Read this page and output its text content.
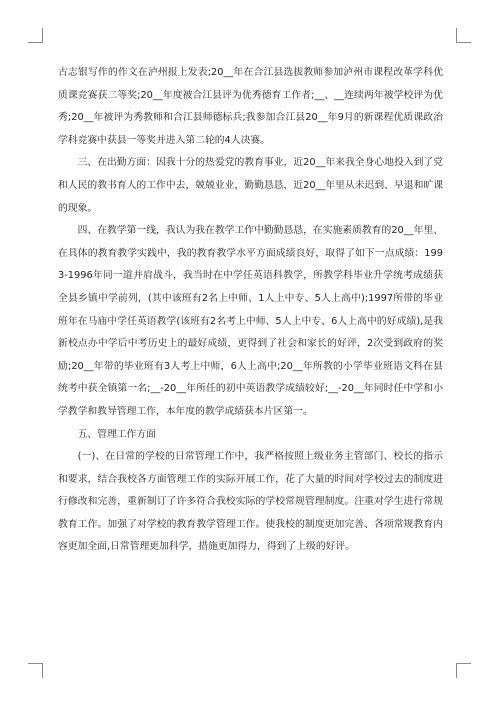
古志银写作的作文在泸州报上发表;20__年在合江县选拔教师参加泸州市课程改革学科优质课竞赛获二等奖;20__年度被合江县评为优秀德育工作者;__、__连续两年被学校评为优秀;20__年被评为秀教师和合江县师德标兵;我参加合江县20__年9月的新课程优质课政治学科竞赛中获县一等奖并进入第二轮的4人决赛。

三、在出勤方面：因我十分的热爱党的教育事业，近20__年来我全身心地投入到了党和人民的教书育人的工作中去，兢兢业业，勤勤恳恳，近20__年里从未迟到、早退和旷课的现象。

四、在教学第一线，我认为我在教学工作中勤勤恳恳，在实施素质教育的20__年里、在具体的教育教学实践中，我的教育教学水平方面成绩良好，取得了如下一点成绩：1993-1996年同一道并肩战斗，我当时在中学任英语科教学，所教学科毕业升学统考成绩获全县乡镇中学前列，(其中该班有2名上中师、1人上中专、5人上高中);1997所带的毕业班年在马庙中学任英语教学(该班有2名考上中师、5人上中专、6人上高中的好成绩),是我新校点办中学后中考历史上的最好成绩，更得到了社会和家长的好评，2次受到政府的奖励;20__年带的毕业班有3人考上中师，6人上高中;20__年所教的小学毕业班语文科在县统考中获全镇第一名;__-20__年所任的初中英语教学成绩较好;__-20__年同时任中学和小学教学和教导管理工作，本年度的教学成绩获本片区第一。

五、管理工作方面

(一)、在日常的学校的日常管理工作中，我严格按照上级业务主管部门、校长的指示和要求，结合我校各方面管理工作的实际开展工作，花了大量的时间对学校过去的制度进行修改和完善，重新制订了许多符合我校实际的学校常规管理制度。注重对学生进行常规教育工作。加强了对学校的教育教学管理工作。使我校的制度更加完善、各项常规教育内容更加全面,日常管理更加科学，措施更加得力，得到了上级的好评。
